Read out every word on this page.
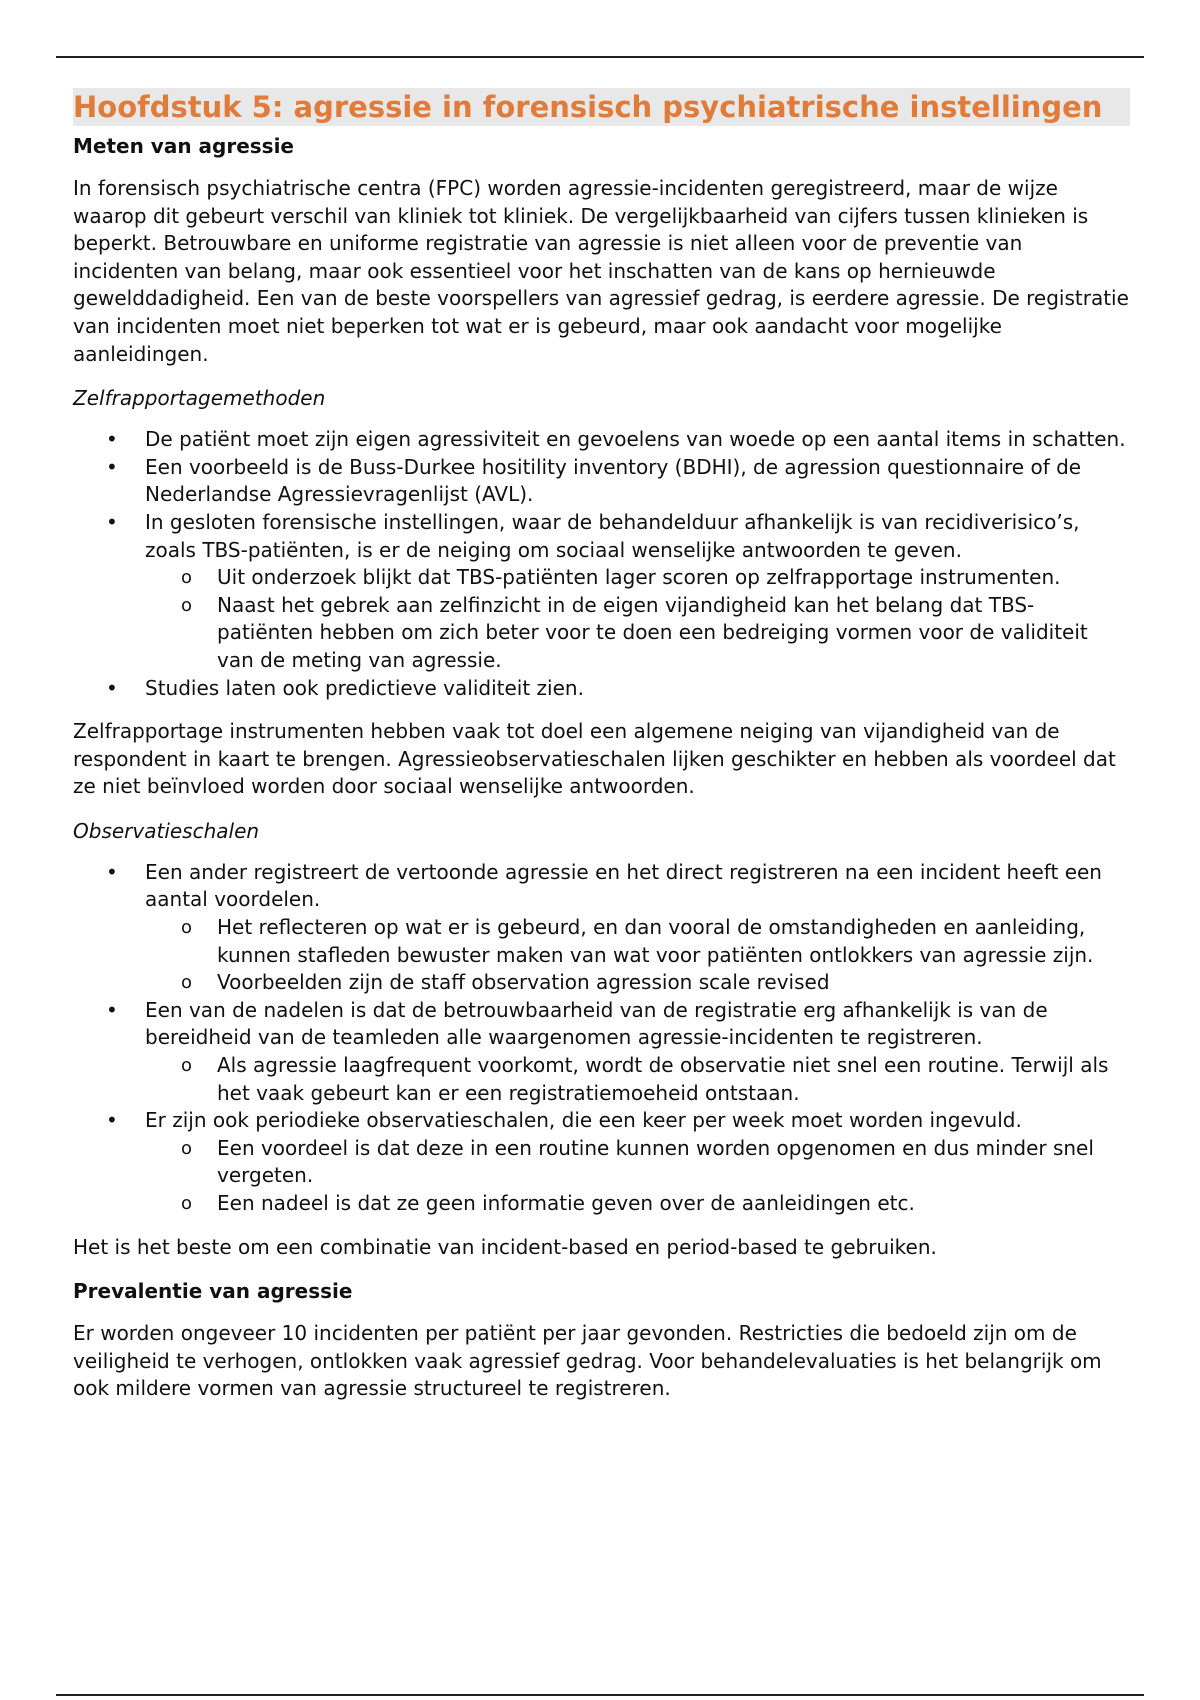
Hoofdstuk 5: agressie in forensisch psychiatrische instellingen
Meten van agressie

In forensisch psychiatrische centra (FPC) worden agressie-incidenten geregistreerd, maar de wijze waarop dit gebeurt verschil van kliniek tot kliniek. De vergelijkbaarheid van cijfers tussen klinieken is beperkt. Betrouwbare en uniforme registratie van agressie is niet alleen voor de preventie van incidenten van belang, maar ook essentieel voor het inschatten van de kans op hernieuwde gewelddadigheid. Een van de beste voorspellers van agressief gedrag, is eerdere agressie. De registratie van incidenten moet niet beperken tot wat er is gebeurd, maar ook aandacht voor mogelijke aanleidingen.

Zelfrapportagemethoden
•	De patiënt moet zijn eigen agressiviteit en gevoelens van woede op een aantal items in schatten.
•	Een voorbeeld is de Buss-Durkee hositility inventory (BDHI), de agression questionnaire of de Nederlandse Agressievragenlijst (AVL).
•	In gesloten forensische instellingen, waar de behandelduur afhankelijk is van recidiverisico’s, zoals TBS-patiënten, is er de neiging om sociaal wenselijke antwoorden te geven.
o	Uit onderzoek blijkt dat TBS-patiënten lager scoren op zelfrapportage instrumenten.
o	Naast het gebrek aan zelfinzicht in de eigen vijandigheid kan het belang dat TBS-patiënten hebben om zich beter voor te doen een bedreiging vormen voor de validiteit van de meting van agressie.
•	Studies laten ook predictieve validiteit zien.

Zelfrapportage instrumenten hebben vaak tot doel een algemene neiging van vijandigheid van de respondent in kaart te brengen. Agressieobservatieschalen lijken geschikter en hebben als voordeel dat ze niet beïnvloed worden door sociaal wenselijke antwoorden.

Observatieschalen
•	Een ander registreert de vertoonde agressie en het direct registreren na een incident heeft een aantal voordelen.
o	Het reflecteren op wat er is gebeurd, en dan vooral de omstandigheden en aanleiding, kunnen stafleden bewuster maken van wat voor patiënten ontlokkers van agressie zijn.
o	Voorbeelden zijn de staff observation agression scale revised
•	Een van de nadelen is dat de betrouwbaarheid van de registratie erg afhankelijk is van de bereidheid van de teamleden alle waargenomen agressie-incidenten te registreren.
o	Als agressie laagfrequent voorkomt, wordt de observatie niet snel een routine. Terwijl als het vaak gebeurt kan er een registratiemoeheid ontstaan.
•	Er zijn ook periodieke observatieschalen, die een keer per week moet worden ingevuld.
o	Een voordeel is dat deze in een routine kunnen worden opgenomen en dus minder snel vergeten.
o	Een nadeel is dat ze geen informatie geven over de aanleidingen etc.

Het is het beste om een combinatie van incident-based en period-based te gebruiken.

Prevalentie van agressie

Er worden ongeveer 10 incidenten per patiënt per jaar gevonden. Restricties die bedoeld zijn om de veiligheid te verhogen, ontlokken vaak agressief gedrag. Voor behandelevaluaties is het belangrijk om ook mildere vormen van agressie structureel te registreren.
